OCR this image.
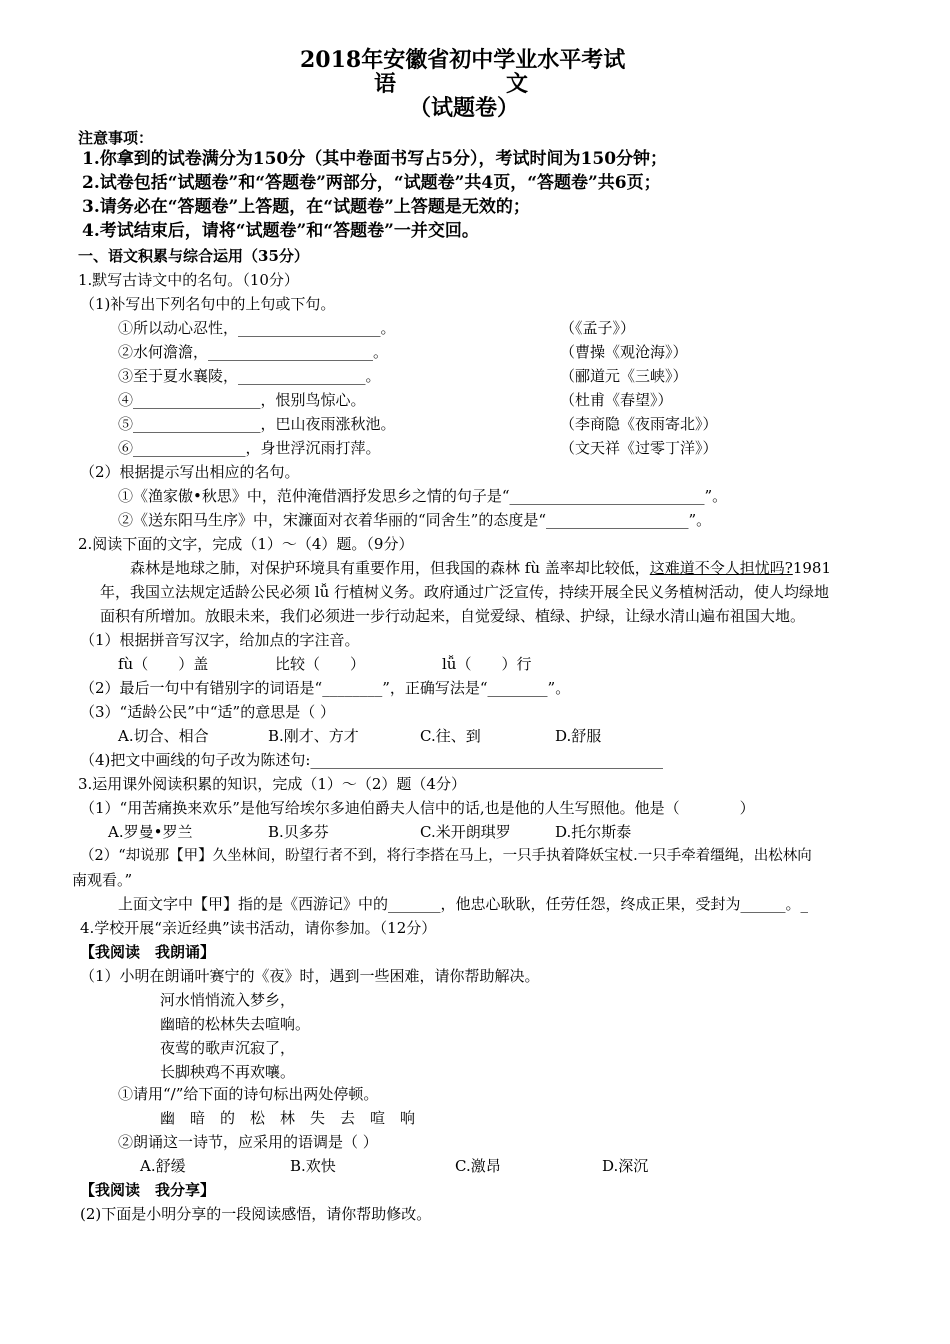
2018年安徽省初中学业水平考试
语	文
（试题卷）
注意事项：
1.你拿到的试卷满分为150分（其中卷面书写占5分），考试时间为150分钟；
2.试卷包括“试题卷”和“答题卷”两部分，“试题卷”共4页，“答题卷”共6页；
3.请务必在“答题卷”上答题，在“试题卷”上答题是无效的；
4.考试结束后，请将“试题卷”和“答题卷”一并交回。
一、语文积累与综合运用（35分）
1.默写古诗文中的名句。（10分）
（1)补写出下列名句中的上句或下句。
①所以动心忍性，___________________。	（《孟子》）
②水何澹澹，______________________。	（曹操《观沧海》）
③至于夏水襄陵，_________________。	（郦道元《三峡》）
④_________________，恨别鸟惊心。	（杜甫《春望》）
⑤_________________，巴山夜雨涨秋池。	（李商隐《夜雨寄北》）
⑥_______________，身世浮沉雨打萍。	（文天祥《过零丁洋》）
（2）根据提示写出相应的名句。
①《渔家傲•秋思》中，范仲淹借酒抒发思乡之情的句子是“__________________________”。
②《送东阳马生序》中，宋濂面对衣着华丽的“同舍生”的态度是“___________________”。
2.阅读下面的文字，完成（1）～（4）题。（9分）
森林是地球之肺，对保护环境具有重要作用，但我国的森林 fù 盖率却比较低，这难道不令人担忧吗?1981
年，我国立法规定适龄公民必须 lǚ 行植树义务。政府通过广泛宣传，持续开展全民义务植树活动，使人均绿地
面积有所增加。放眼未来，我们必须进一步行动起来，自觉爱绿、植绿、护绿，让绿水清山遍布祖国大地。
（1）根据拼音写汉字，给加点的字注音。
fù（　　）盖	比较（　　）	lǚ（　　）行
（2）最后一句中有错别字的词语是“________”，正确写法是“________”。
（3）“适龄公民”中“适”的意思是（ ）
A.切合、相合	B.刚才、方才	C.往、到	D.舒服
（4)把文中画线的句子改为陈述句:_______________________________________________
3.运用课外阅读积累的知识，完成（1）～（2）题（4分）
（1）“用苦痛换来欢乐”是他写给埃尔多迪伯爵夫人信中的话,也是他的人生写照他。他是（　　　　）
A.罗曼•罗兰	B.贝多芬	C.米开朗琪罗	D.托尔斯泰
（2）“却说那【甲】久坐林间，盼望行者不到，将行李搭在马上，一只手执着降妖宝杖.一只手牵着缰绳，出松林向
南观看。”
上面文字中【甲】指的是《西游记》中的_______，他忠心耿耿，任劳任怨，终成正果，受封为______。_
4.学校开展“亲近经典”读书活动，请你参加。（12分）
【我阅读　我朗诵】
（1）小明在朗诵叶赛宁的《夜》时，遇到一些困难，请你帮助解决。
河水悄悄流入梦乡，
幽暗的松林失去喧响。
夜莺的歌声沉寂了，
长脚秧鸡不再欢嚷。
①请用“/”给下面的诗句标出两处停顿。
幽　暗　的　松　林　失　去　喧　响
②朗诵这一诗节，应采用的语调是（ ）
A.舒缓	B.欢快	C.激昂	D.深沉
【我阅读　我分享】
(2)下面是小明分享的一段阅读感悟，请你帮助修改。
